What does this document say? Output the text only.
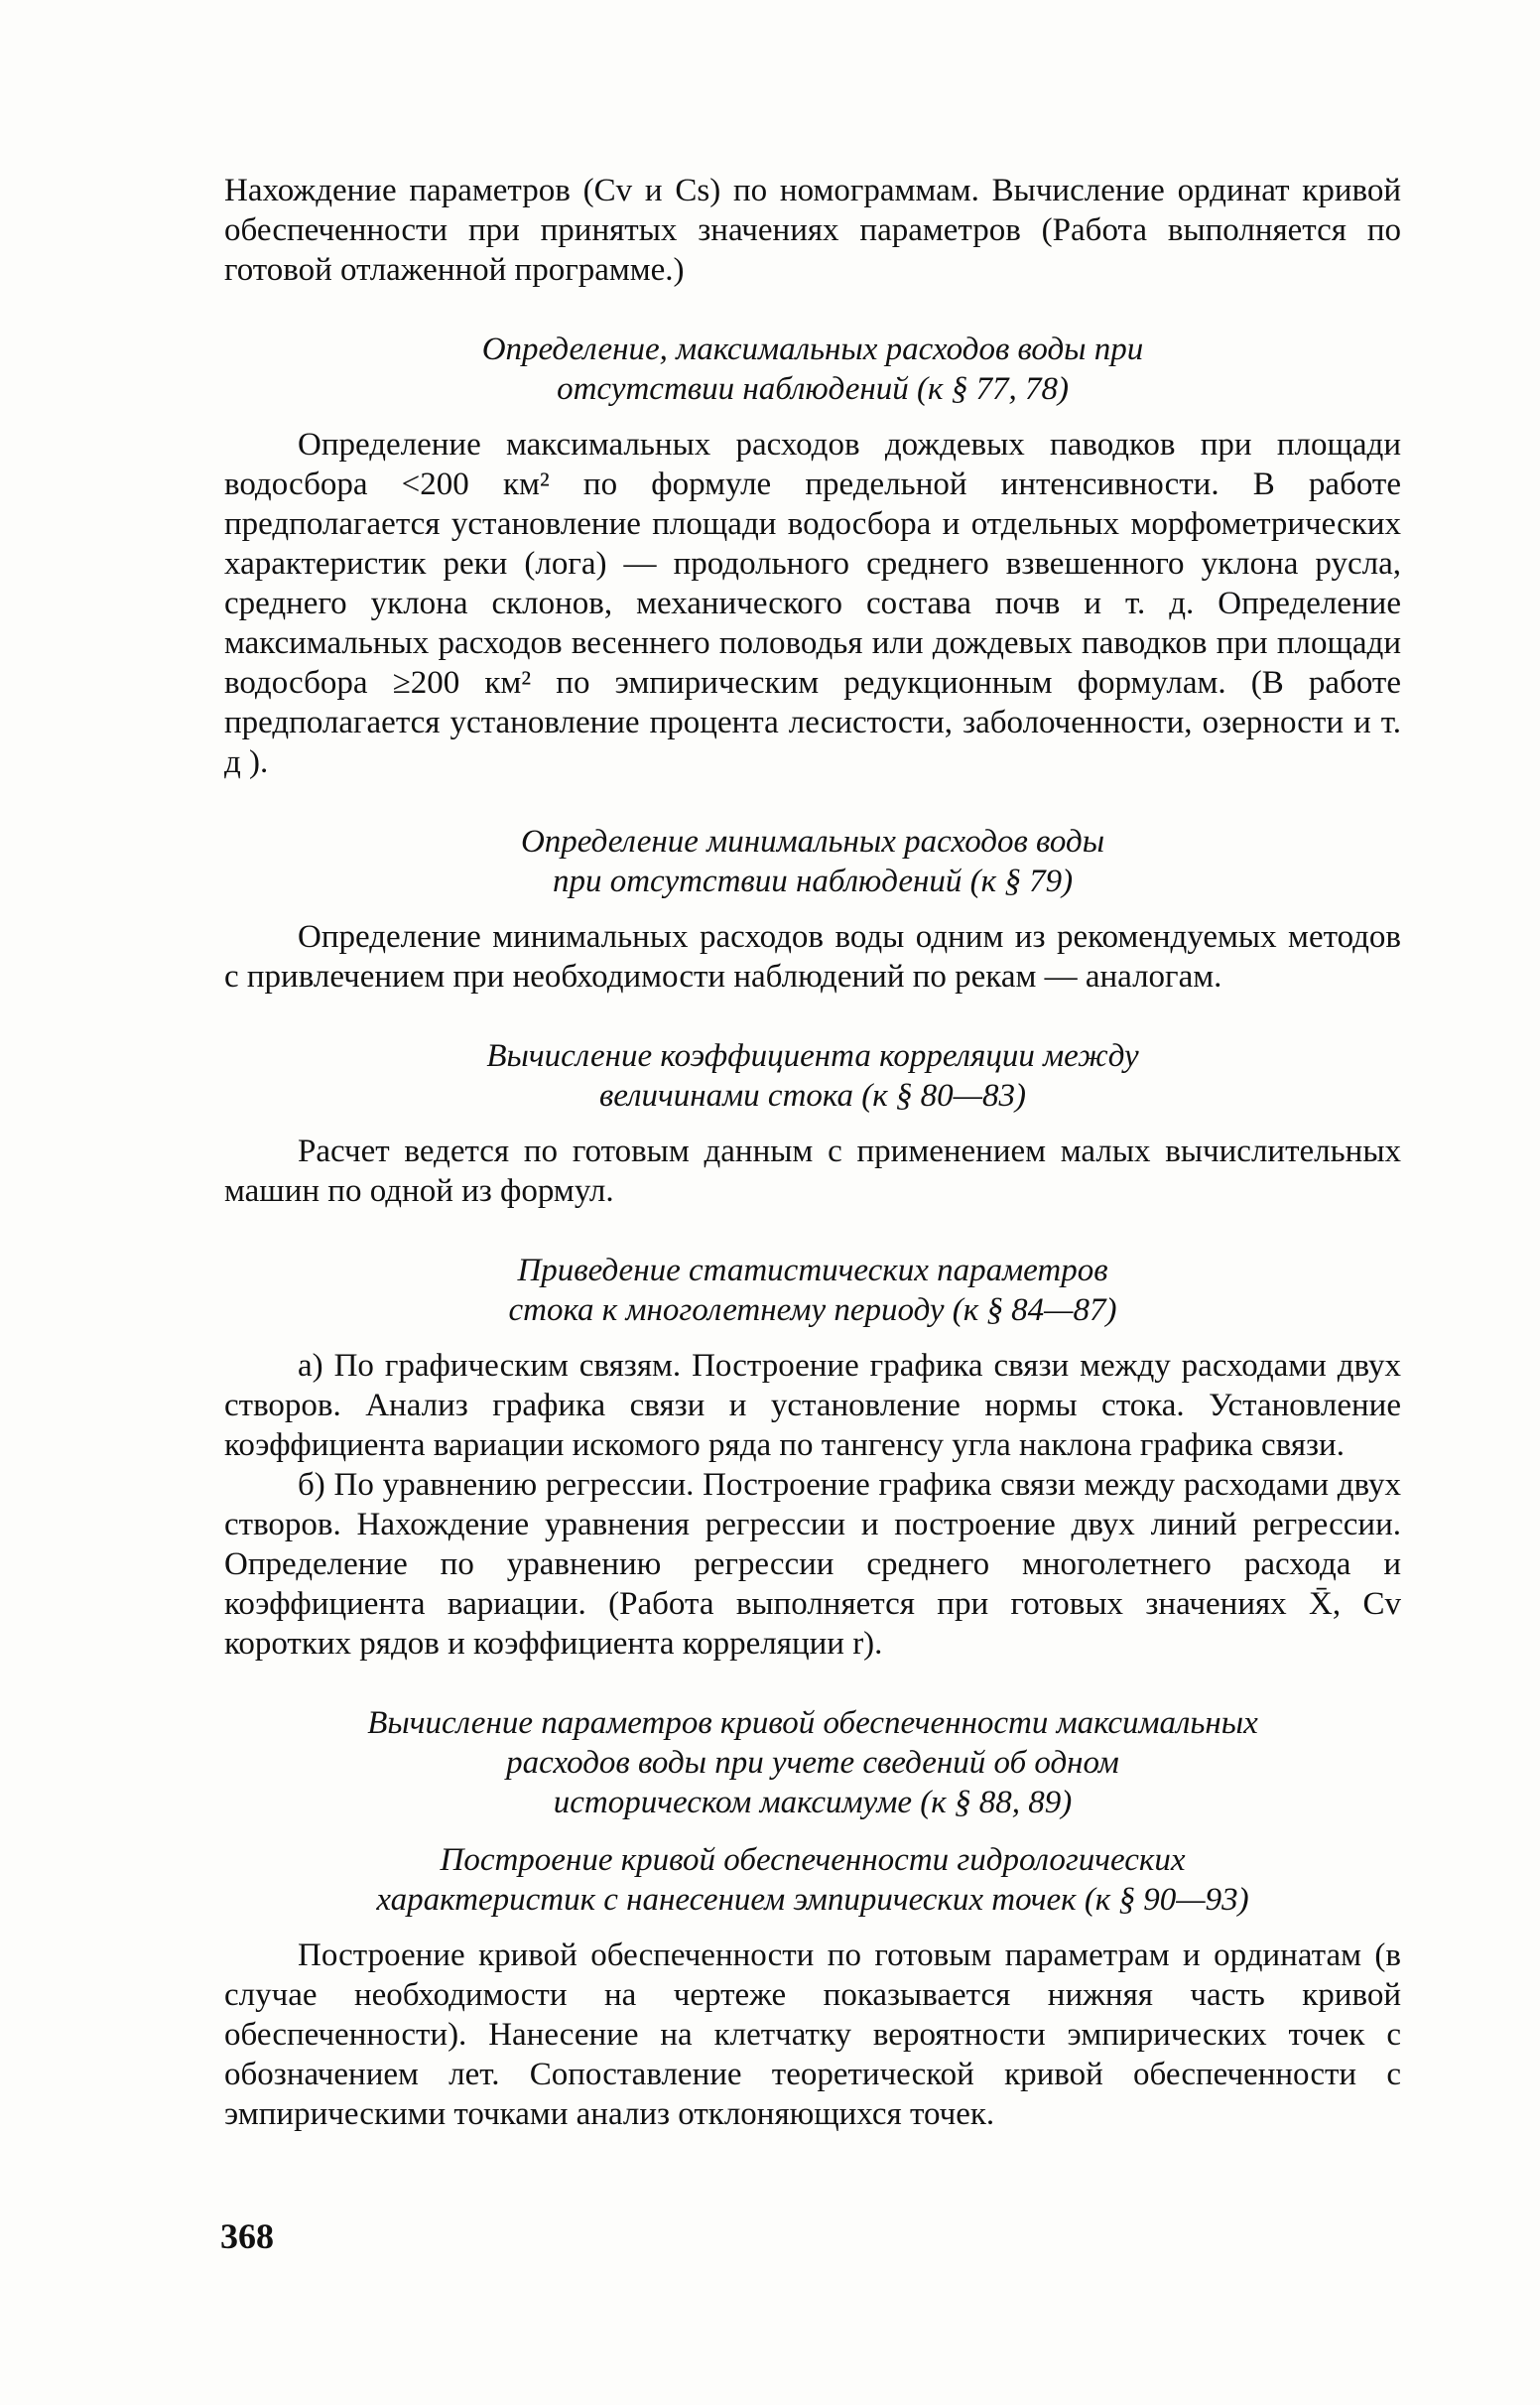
Нахождение параметров (Cv и Cs) по номограммам. Вычисление ординат кривой обеспеченности при принятых значениях параметров (Работа выполняется по готовой отлаженной программе.)

Определение, максимальных расходов воды при
отсутствии наблюдений (к § 77, 78)

Определение максимальных расходов дождевых паводков при площади водосбора <200 км² по формуле предельной интенсивности. В работе предполагается установление площади водосбора и отдельных морфометрических характеристик реки (лога) — продольного среднего взвешенного уклона русла, среднего уклона склонов, механического состава почв и т. д. Определение максимальных расходов весеннего половодья или дождевых паводков при площади водосбора ≥200 км² по эмпирическим редукционным формулам. (В работе предполагается установление процента лесистости, заболоченности, озерности и т. д ).

Определение минимальных расходов воды
при отсутствии наблюдений (к § 79)

Определение минимальных расходов воды одним из рекомендуемых методов с привлечением при необходимости наблюдений по рекам — аналогам.

Вычисление коэффициента корреляции между
величинами стока (к § 80—83)

Расчет ведется по готовым данным с применением малых вычислительных машин по одной из формул.

Приведение статистических параметров
стока к многолетнему периоду (к § 84—87)

а) По графическим связям. Построение графика связи между расходами двух створов. Анализ графика связи и установление нормы стока. Установление коэффициента вариации искомого ряда по тангенсу угла наклона графика связи.

б) По уравнению регрессии. Построение графика связи между расходами двух створов. Нахождение уравнения регрессии и построение двух линий регрессии. Определение по уравнению регрессии среднего многолетнего расхода и коэффициента вариации. (Работа выполняется при готовых значениях X̄, Cv коротких рядов и коэффициента корреляции r).

Вычисление параметров кривой обеспеченности максимальных
расходов воды при учете сведений об одном
историческом максимуме (к § 88, 89)
Построение кривой обеспеченности гидрологических
характеристик с нанесением эмпирических точек (к § 90—93)

Построение кривой обеспеченности по готовым параметрам и ординатам (в случае необходимости на чертеже показывается нижняя часть кривой обеспеченности). Нанесение на клетчатку вероятности эмпирических точек с обозначением лет. Сопоставление теоретической кривой обеспеченности с эмпирическими точками анализ отклоняющихся точек.

368
